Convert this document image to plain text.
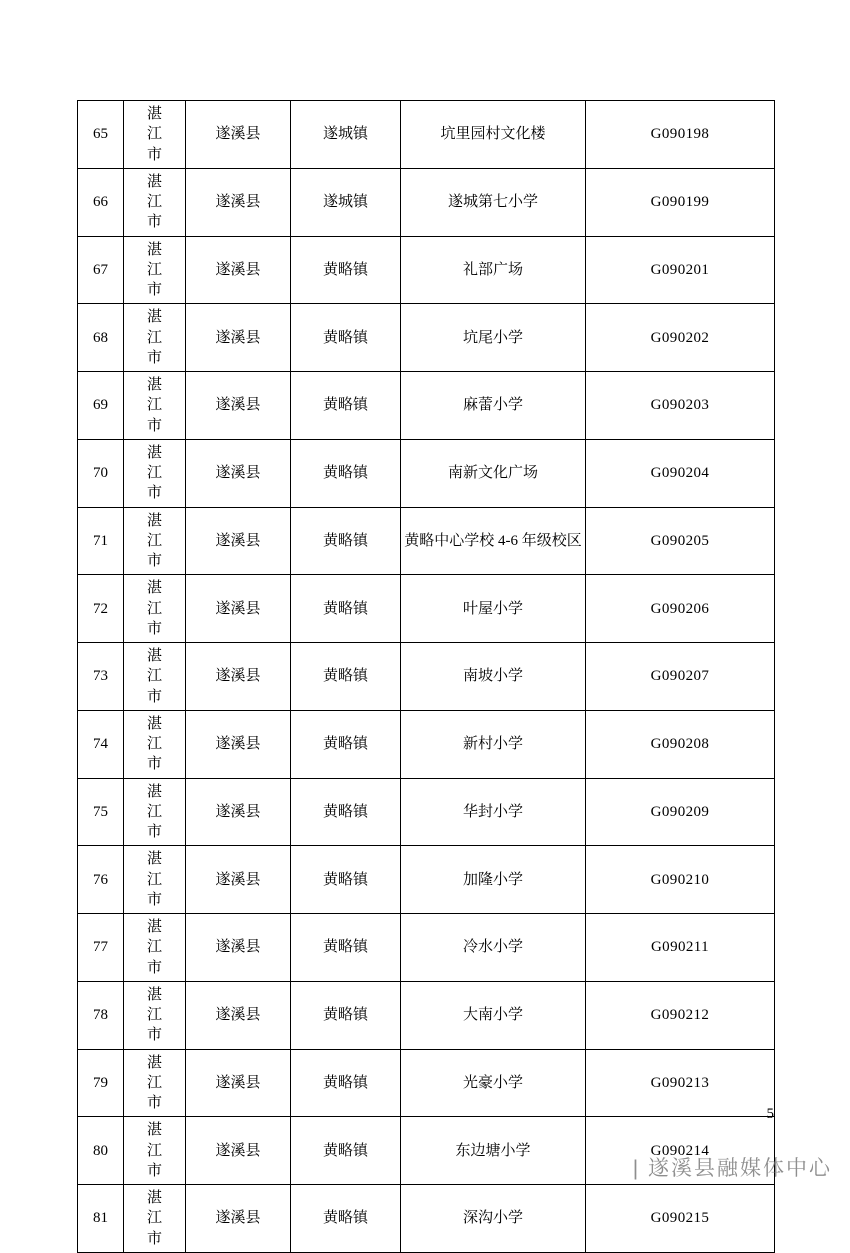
65	湛江市	遂溪县	遂城镇	坑里园村文化楼	G090198
66	湛江市	遂溪县	遂城镇	遂城第七小学	G090199
67	湛江市	遂溪县	黄略镇	礼部广场	G090201
68	湛江市	遂溪县	黄略镇	坑尾小学	G090202
69	湛江市	遂溪县	黄略镇	麻蕾小学	G090203
70	湛江市	遂溪县	黄略镇	南新文化广场	G090204
71	湛江市	遂溪县	黄略镇	黄略中心学校 4-6 年级校区	G090205
72	湛江市	遂溪县	黄略镇	叶屋小学	G090206
73	湛江市	遂溪县	黄略镇	南坡小学	G090207
74	湛江市	遂溪县	黄略镇	新村小学	G090208
75	湛江市	遂溪县	黄略镇	华封小学	G090209
76	湛江市	遂溪县	黄略镇	加隆小学	G090210
77	湛江市	遂溪县	黄略镇	冷水小学	G090211
78	湛江市	遂溪县	黄略镇	大南小学	G090212
79	湛江市	遂溪县	黄略镇	光豪小学	G090213
80	湛江市	遂溪县	黄略镇	东边塘小学	G090214
81	湛江市	遂溪县	黄略镇	深沟小学	G090215
5
| 遂溪县融媒体中心
